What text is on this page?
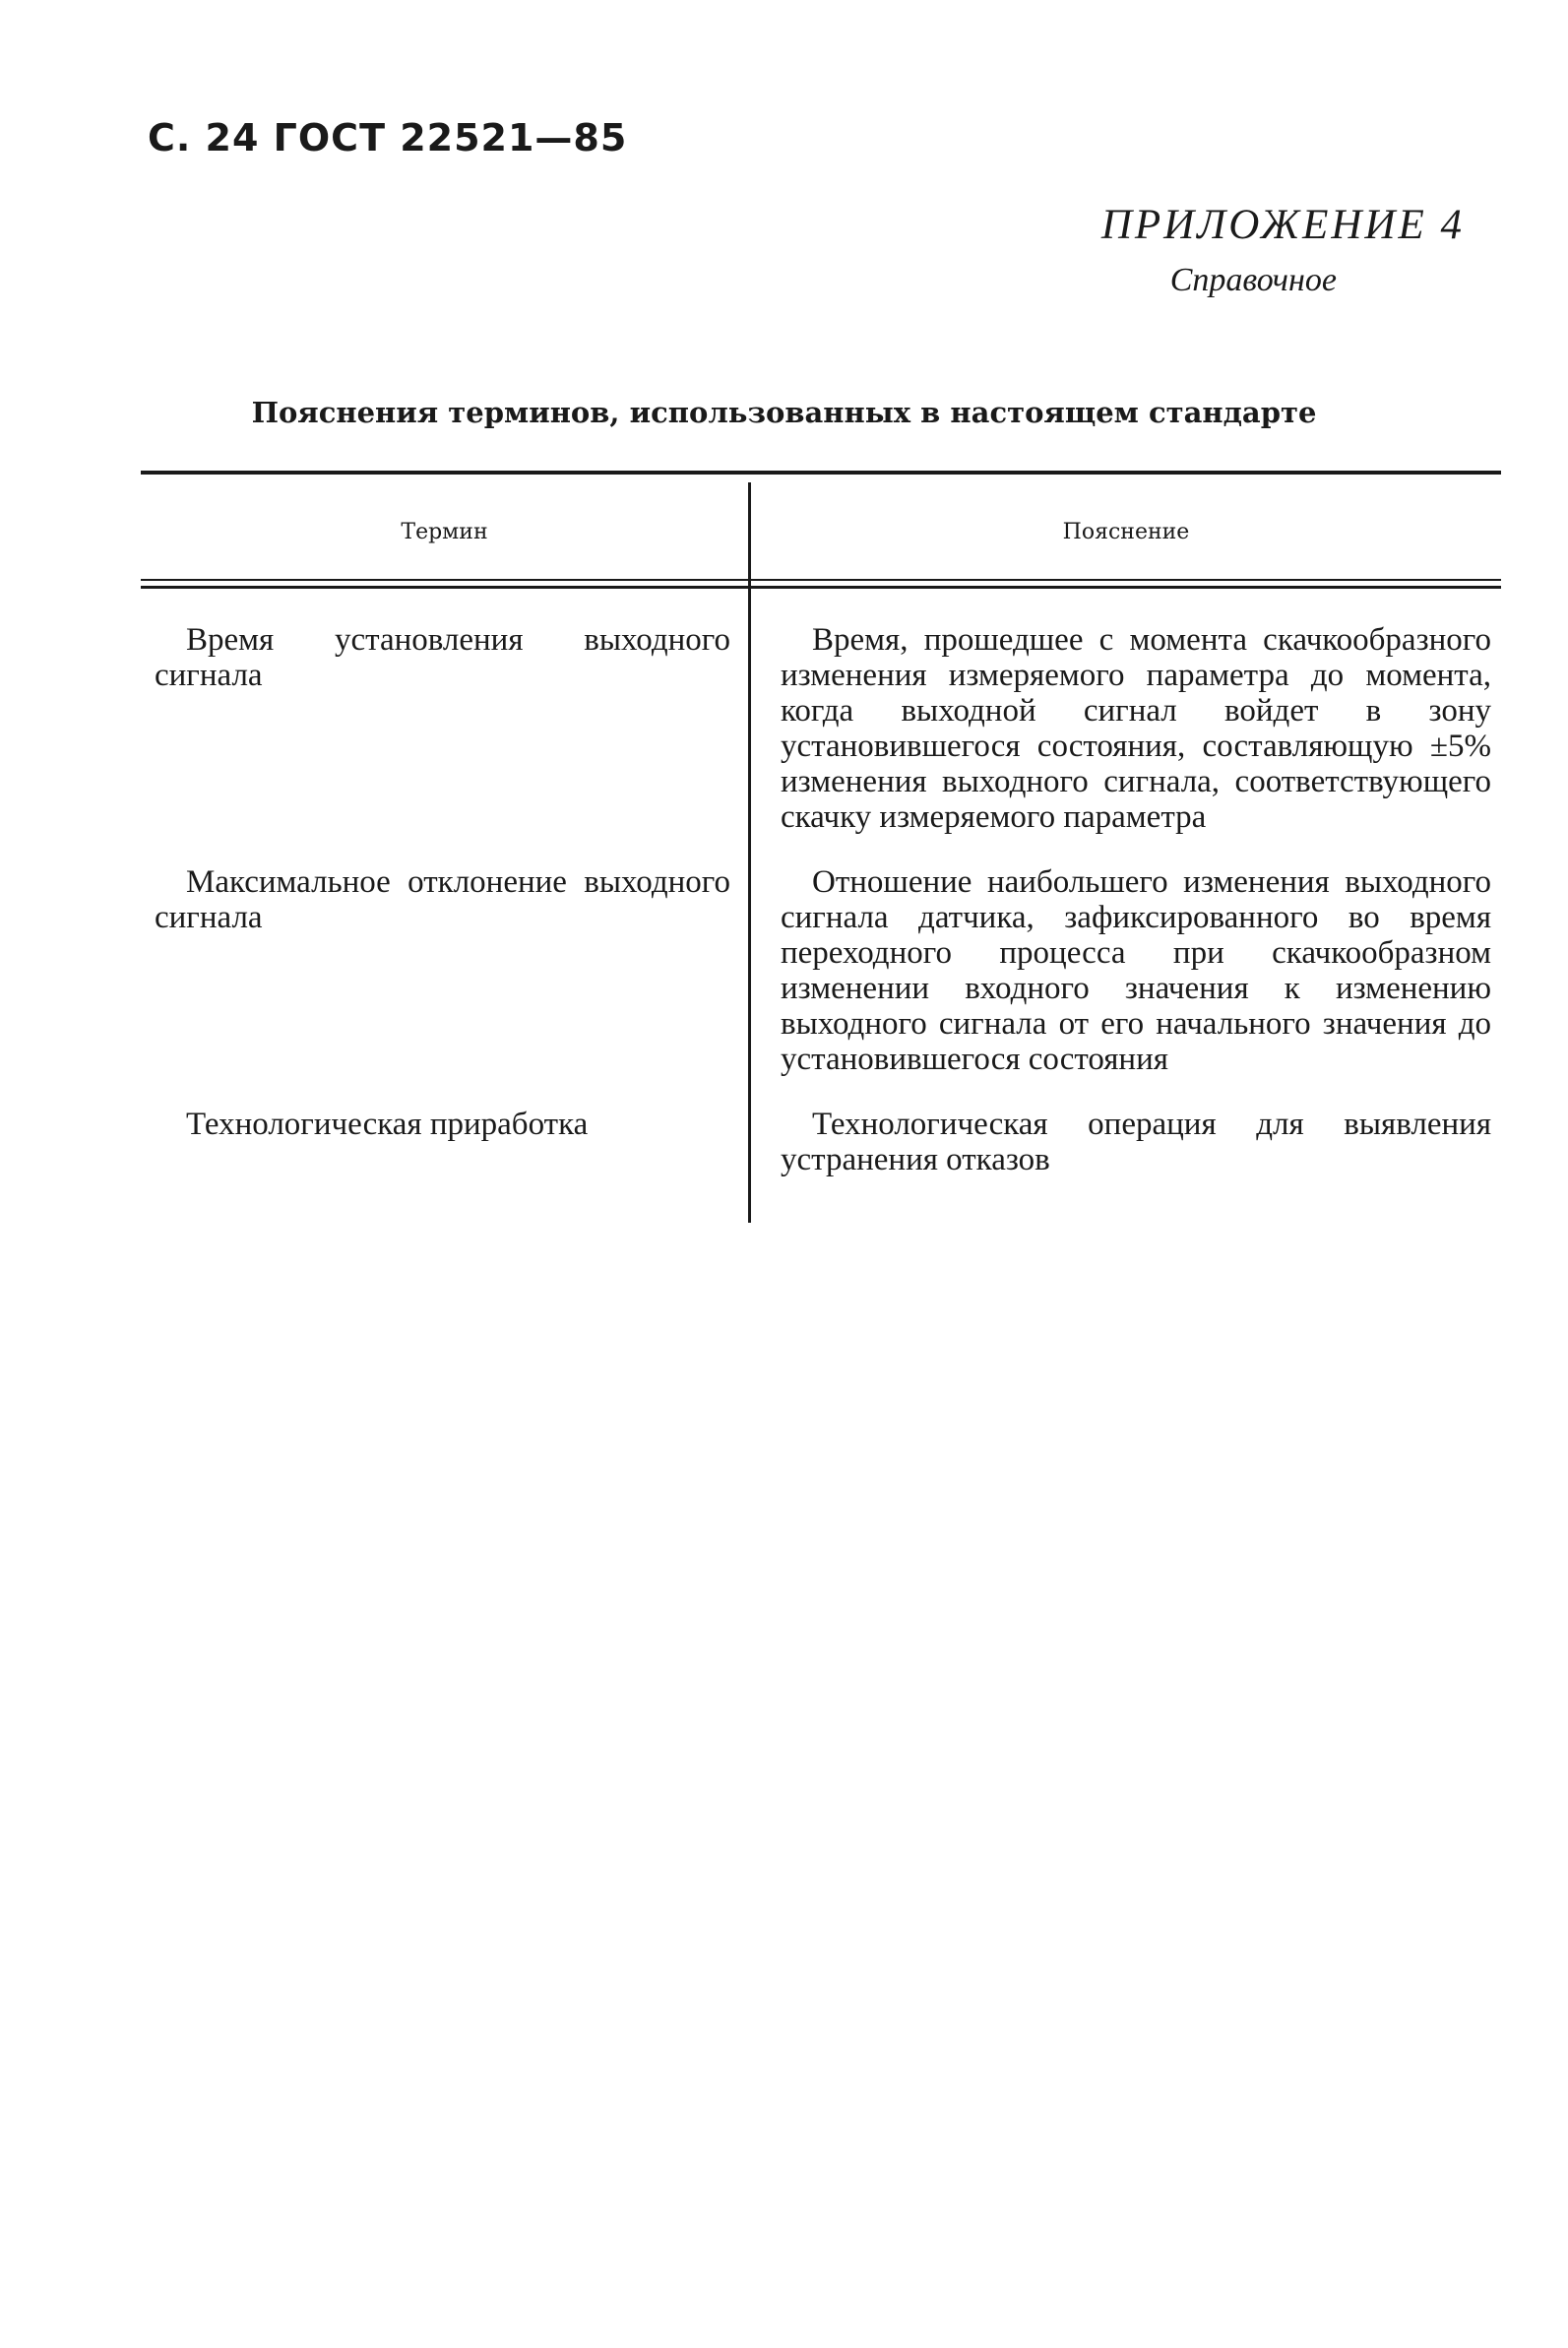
С. 24 ГОСТ 22521—85
ПРИЛОЖЕНИЕ 4
Справочное
Пояснения терминов, использованных в настоящем стандарте
Термин	Пояснение
Время установления выходного сигнала
Время, прошедшее с момента скачкообразного изменения измеряемого параметра до момента, когда выходной сигнал войдет в зону установившегося состояния, составляющую ±5% изменения выходного сигнала, соответствующего скачку измеряемого параметра
Максимальное отклонение выходного сигнала
Отношение наибольшего изменения выходного сигнала датчика, зафиксированного во время переходного процесса при скачкообразном изменении входного значения к изменению выходного сигнала от его начального значения до установившегося состояния
Технологическая приработка	Технологическая операция для выявления устранения отказов
